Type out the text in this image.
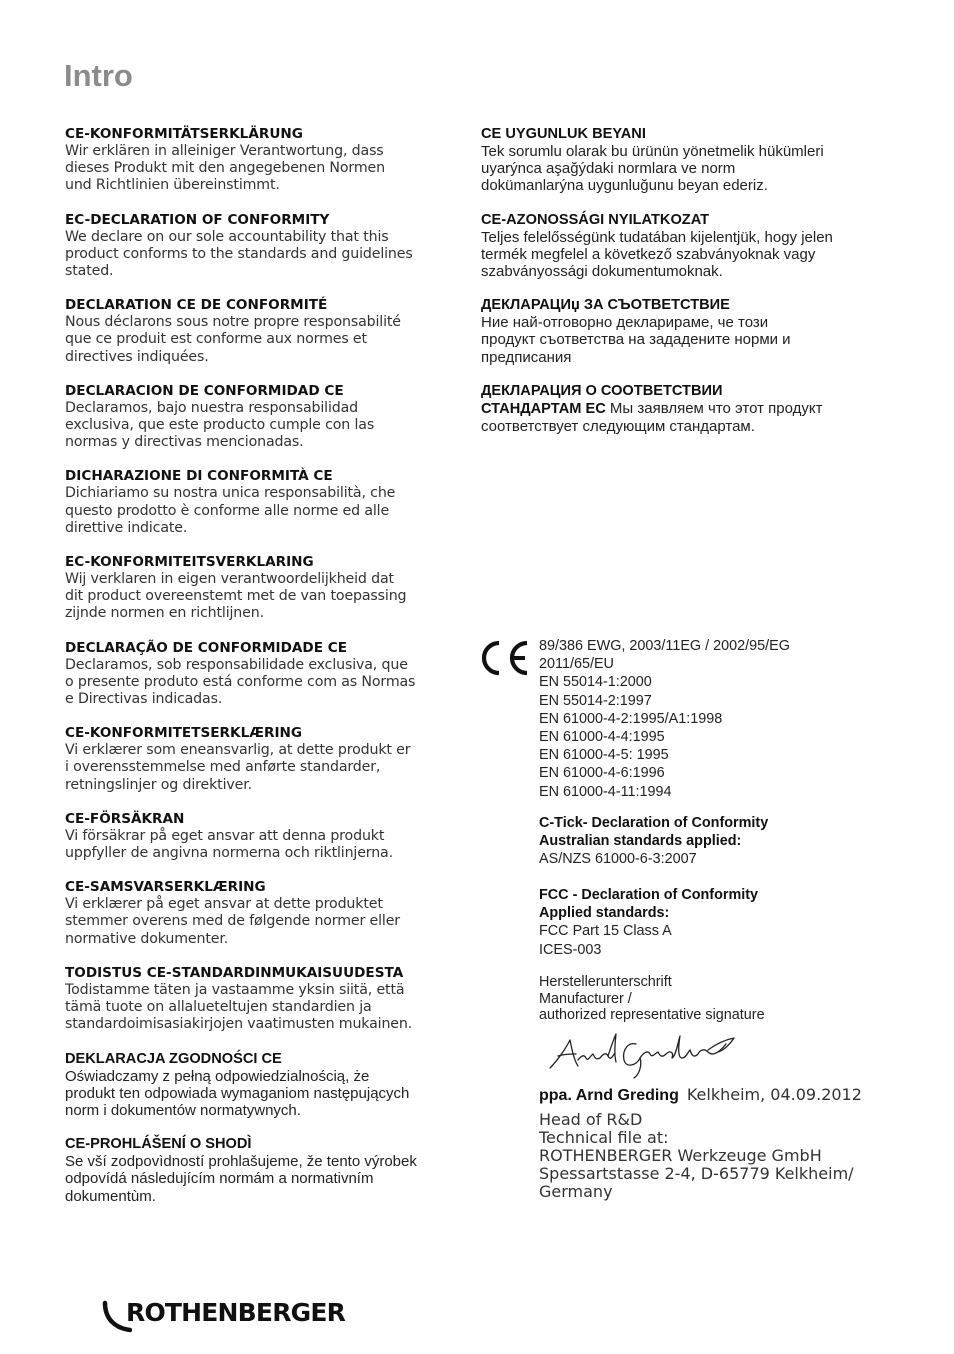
Intro
CE-KONFORMITÄTSERKLÄRUNG

Wir erklären in alleiniger Verantwortung, dass

dieses Produkt mit den angegebenen Normen

und Richtlinien übereinstimmt.

EC-DECLARATION OF CONFORMITY

We declare on our sole accountability that this

product conforms to the standards and guidelines

stated.

DECLARATION CE DE CONFORMITÉ

Nous déclarons sous notre propre responsabilité

que ce produit est conforme aux normes et

directives indiquées.

DECLARACION DE CONFORMIDAD CE

Declaramos, bajo nuestra responsabilidad

exclusiva, que este producto cumple con las

normas y directivas mencionadas.

DICHARAZIONE DI CONFORMITÀ CE

Dichiariamo su nostra unica responsabilità, che

questo prodotto è conforme alle norme ed alle

direttive indicate.

EC-KONFORMITEITSVERKLARING

Wij verklaren in eigen verantwoordelijkheid dat

dit product overeenstemt met de van toepassing

zijnde normen en richtlijnen.

DECLARAÇÃO DE CONFORMIDADE CE

Declaramos, sob responsabilidade exclusiva, que

o presente produto está conforme com as Normas

e Directivas indicadas.

CE-KONFORMITETSERKLÆRING

Vi erklærer som eneansvarlig, at dette produkt er

i overensstemmelse med anførte standarder,

retningslinjer og direktiver.

CE-FÖRSÄKRAN

Vi försäkrar på eget ansvar att denna produkt

uppfyller de angivna normerna och riktlinjerna.

CE-SAMSVARSERKLÆRING

Vi erklærer på eget ansvar at dette produktet

stemmer overens med de følgende normer eller

normative dokumenter.

TODISTUS CE-STANDARDINMUKAISUUDESTA

Todistamme täten ja vastaamme yksin siitä, että

tämä tuote on allalueteltujen standardien ja

standardoimisasiakirjojen vaatimusten mukainen.

DEKLARACJA ZGODNOŚCI CE

Oświadczamy z pełną odpowiedzialnością, że

produkt ten odpowiada wymaganiom następujących

norm i dokumentów normatywnych.

CE-PROHLÁŠENÍ O SHODÌ

Se vší zodpovìdností prohlašujeme, že tento výrobek

odpovídá následujícím normám a normativním

dokumentùm.

CE UYGUNLUK BEYANI

Tek sorumlu olarak bu ürünün yönetmelik hükümleri

uyarýnca aşağýdaki normlara ve norm

dokümanlarýna uygunluğunu beyan ederiz.

CE-AZONOSSÁGI NYILATKOZAT

Teljes felelősségünk tudatában kijelentjük, hogy jelen

termék megfelel a következő szabványoknak vagy

szabványossági dokumentumoknak.

ДЕКЛАРАЦИџ ЗА СЪОТВЕТСТВИЕ

Ние най-отговорно декларираме, че този

продукт съответства на зададените норми и

предписания

ДЕКЛАРАЦИЯ О СООТВЕТСТВИИ

СТАНДАРТАМ ЕС Мы заявляем что этот продукт

соответствует следующим стандартам.

89/386 EWG, 2003/11EG / 2002/95/EG
2011/65/EU
EN 55014-1:2000
EN 55014-2:1997
EN 61000-4-2:1995/A1:1998
EN 61000-4-4:1995
EN 61000-4-5: 1995
EN 61000-4-6:1996
EN 61000-4-11:1994
C-Tick- Declaration of Conformity
Australian standards applied:
AS/NZS 61000-6-3:2007
FCC - Declaration of Conformity
Applied standards:
FCC Part 15 Class A
ICES-003
Herstellerunterschrift
Manufacturer /
authorized representative signature
ppa. Arnd Greding Kelkheim, 04.09.2012
Head of R&D
Technical file at:
ROTHENBERGER Werkzeuge GmbH
Spessartstasse 2-4, D-65779 Kelkheim/
Germany
ROTHENBERGER
